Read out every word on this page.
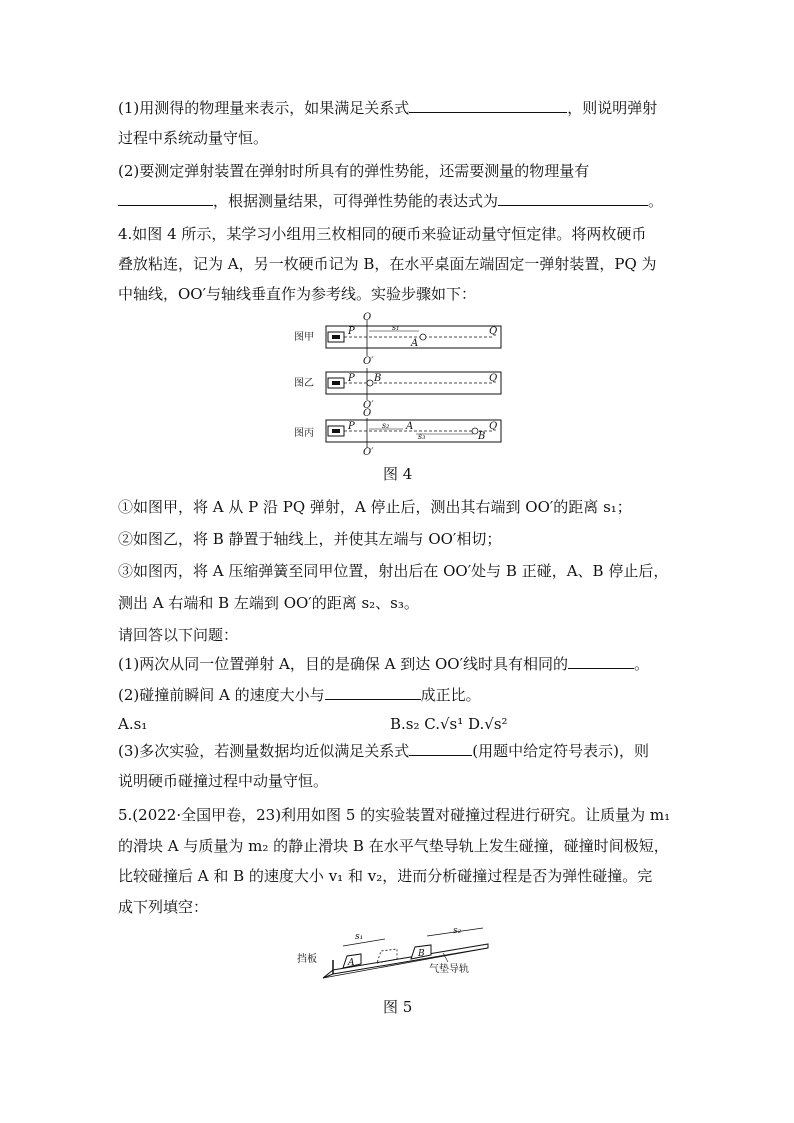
(1)用测得的物理量来表示，如果满足关系式	，则说明弹射
过程中系统动量守恒。
(2)要测定弹射装置在弹射时所具有的弹性势能，还需要测量的物理量有
，根据测量结果，可得弹性势能的表达式为	。
4.如图 4 所示，某学习小组用三枚相同的硬币来验证动量守恒定律。将两枚硬币
叠放粘连，记为 A，另一枚硬币记为 B，在水平桌面左端固定一弹射装置，PQ 为
中轴线，OO′与轴线垂直作为参考线。实验步骤如下：
图甲
P
O
O′
Q
s₁
A
图乙	P
O′
Q
B
O
图丙
P
O′
Q
s₂ A
s₃	B
图 4
①如图甲，将 A 从 P 沿 PQ 弹射，A 停止后，测出其右端到 OO′的距离 s₁；
②如图乙，将 B 静置于轴线上，并使其左端与 OO′相切；
③如图丙，将 A 压缩弹簧至同甲位置，射出后在 OO′处与 B 正碰，A、B 停止后，
测出 A 右端和 B 左端到 OO′的距离 s₂、s₃。
请回答以下问题：
(1)两次从同一位置弹射 A，目的是确保 A 到达 OO′线时具有相同的	。
(2)碰撞前瞬间 A 的速度大小与	成正比。
A.s₁	B.s₂ C.√s¹ D.√s²
(3)多次实验，若测量数据均近似满足关系式	(用题中给定符号表示)，则
说明硬币碰撞过程中动量守恒。
5.(2022·全国甲卷，23)利用如图 5 的实验装置对碰撞过程进行研究。让质量为 m₁
的滑块 A 与质量为 m₂ 的静止滑块 B 在水平气垫导轨上发生碰撞，碰撞时间极短，
比较碰撞后 A 和 B 的速度大小 v₁ 和 v₂，进而分析碰撞过程是否为弹性碰撞。完
成下列填空：
挡板	A
B
s₁
s₂
气垫导轨
图 5
